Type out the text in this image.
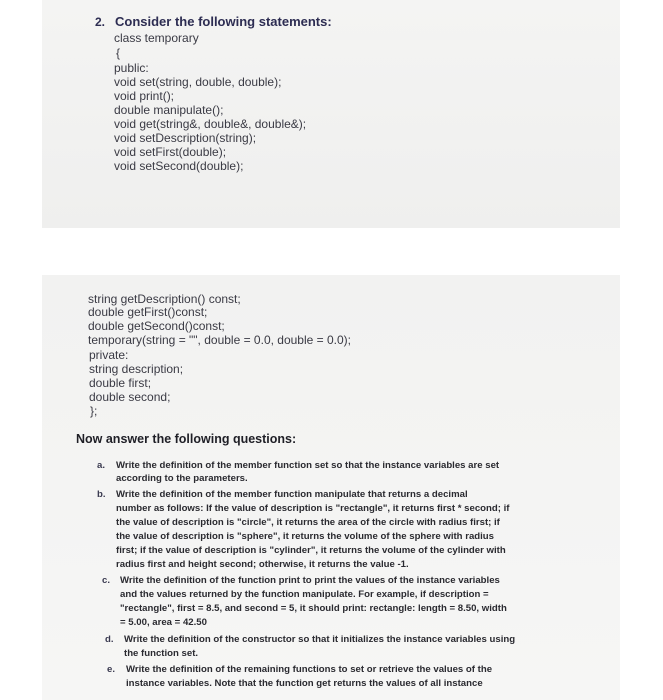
2. Consider the following statements:
class temporary
{
public:
void set(string, double, double);
void print();
double manipulate();
void get(string&, double&, double&);
void setDescription(string);
void setFirst(double);
void setSecond(double);
string getDescription() const;
double getFirst()const;
double getSecond()const;
temporary(string = "", double = 0.0, double = 0.0);
private:
string description;
double first;
double second;
};
Now answer the following questions:
a. Write the definition of the member function set so that the instance variables are set
according to the parameters.
b. Write the definition of the member function manipulate that returns a decimal
number as follows: If the value of description is "rectangle", it returns first * second; if
the value of description is "circle", it returns the area of the circle with radius first; if
the value of description is "sphere", it returns the volume of the sphere with radius
first; if the value of description is "cylinder", it returns the volume of the cylinder with
radius first and height second; otherwise, it returns the value -1.
c. Write the definition of the function print to print the values of the instance variables
and the values returned by the function manipulate. For example, if description =
"rectangle", first = 8.5, and second = 5, it should print: rectangle: length = 8.50, width
= 5.00, area = 42.50
d. Write the definition of the constructor so that it initializes the instance variables using
the function set.
e. Write the definition of the remaining functions to set or retrieve the values of the
instance variables. Note that the function get returns the values of all instance
